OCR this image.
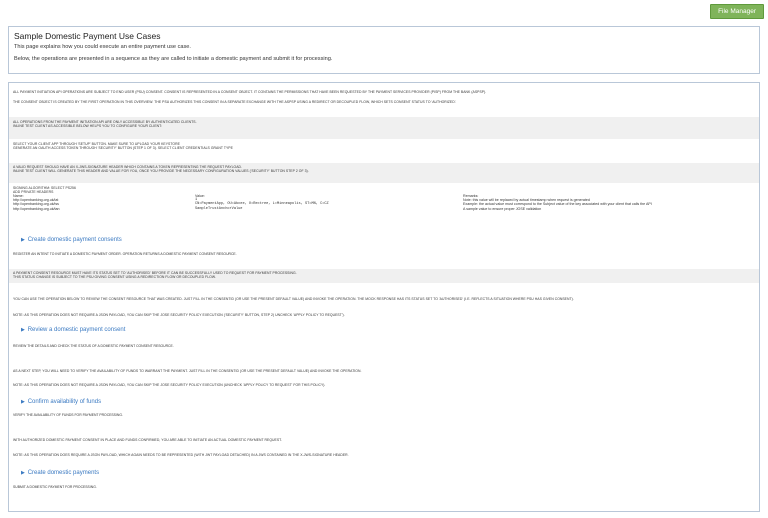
File Manager
Sample Domestic Payment Use Cases
This page explains how you could execute an entire payment use case.
Below, the operations are presented in a sequence as they are called to initiate a domestic payment and submit it for processing.

ALL PAYMENT INITIATION API OPERATIONS ARE SUBJECT TO END USER (PSU) CONSENT. CONSENT IS REPRESENTED IN A CONSENT OBJECT. IT CONTAINS THE PERMISSIONS THAT HAVE BEEN REQUESTED BY THE PAYMENT SERVICES PROVIDER (PISP) FROM THE BANK (ASPSP).

THE CONSENT OBJECT IS CREATED BY THE FIRST OPERATION IN THIS OVERVIEW. THE PSU AUTHORIZES THIS CONSENT IN A SEPARATE EXCHANGE WITH THE ASPSP USING A REDIRECT OR DECOUPLED FLOW, WHICH SETS CONSENT STATUS TO 'AUTHORIZED'.

ALL OPERATIONS FROM THE PAYMENT INITIATION API ARE ONLY ACCESSIBLE BY AUTHENTICATED CLIENTS.

INLINE TEST CLIENT AS ACCESSIBLE BELOW HELPS YOU TO CONFIGURE YOUR CLIENT:

SELECT YOUR CLIENT APP THROUGH 'SETUP' BUTTON. MAKE SURE TO UPLOAD YOUR KEYSTORE

GENERATE AN OAUTH ACCESS TOKEN THROUGH 'SECURITY' BUTTON (STEP 1 OF 3). SELECT CLIENT CREDENTIALS GRANT TYPE

A VALID REQUEST SHOULD HAVE AN X-JWS-SIGNATURE HEADER WHICH CONTAINS A TOKEN REPRESENTING THE REQUEST PAYLOAD.

INLINE TEST CLIENT WILL GENERATE THIS HEADER AND VALUE FOR YOU, ONCE YOU PROVIDE THE NECESSARY CONFIGURATION VALUES ('SECURITY' BUTTON STEP 2 OF 3).

SIGNING ALGORITHM: SELECT PS256

ADD PRIVATE HEADERS

Name:	Value:	Remarks:
http://openbanking.org.uk/iat	1	Note: this value will be replaced by actual timestamp when request is generated
http://openbanking.org.uk/iss	CN=PaymentApp, OU=Abcee, O=Rectree, L=Minneapolis, ST=MN, C=CZ	Example: the actual value must correspond to the Subject value of the key associated with your client that calls the API
http://openbanking.org.uk/tan	SampleTrustAnchorValue	A sample value to ensure proper JOSE validation
▶ Create domestic payment consents
REGISTER AN INTENT TO INITIATE A DOMESTIC PAYMENT ORDER. OPERATION RETURNS A DOMESTIC PAYMENT CONSENT RESOURCE.

A PAYMENT CONSENT RESOURCE MUST HAVE ITS STATUS SET TO 'AUTHORISED' BEFORE IT CAN BE SUCCESSFULLY USED TO REQUEST FOR PAYMENT PROCESSING.

THIS STATUS CHANGE IS SUBJECT TO THE PSU GIVING CONSENT USING A REDIRECTION FLOW OR DECOUPLED FLOW.

YOU CAN USE THE OPERATION BELOW TO REVIEW THE CONSENT RESOURCE THAT WAS CREATED. JUST FILL IN THE CONSENTID (OR USE THE PRESENT DEFAULT VALUE) AND INVOKE THE OPERATION. THE MOCK RESPONSE HAS ITS STATUS SET TO 'AUTHORISED' (I.E. REFLECTS A SITUATION WHERE PSU HAS GIVEN CONSENT).

NOTE: AS THIS OPERATION DOES NOT REQUIRE A JSON PAYLOAD, YOU CAN SKIP THE JOSE SECURITY POLICY EXECUTION ('SECURITY' BUTTON, STEP 2) UNCHECK 'APPLY POLICY TO REQUEST').

▶ Review a domestic payment consent
REVIEW THE DETAILS AND CHECK THE STATUS OF A DOMESTIC PAYMENT CONSENT RESOURCE.

AS A NEXT STEP, YOU WILL NEED TO VERIFY THE AVAILABILITY OF FUNDS TO WARRANT THE PAYMENT. JUST FILL IN THE CONSENTID (OR USE THE PRESENT DEFAULT VALUE) AND INVOKE THE OPERATION.

NOTE: AS THIS OPERATION DOES NOT REQUIRE A JSON PAYLOAD, YOU CAN SKIP THE JOSE SECURITY POLICY EXECUTION (UNCHECK 'APPLY POLICY TO REQUEST' FOR THIS POLICY).

▶ Confirm availability of funds
VERIFY THE AVAILABILITY OF FUNDS FOR PAYMENT PROCESSING.

WITH AUTHORIZED DOMESTIC PAYMENT CONSENT IN PLACE AND FUNDS CONFIRMED, YOU ARE ABLE TO INITIATE AN ACTUAL DOMESTIC PAYMENT REQUEST.

NOTE: AS THIS OPERATION DOES REQUIRE A JSON PAYLOAD, WHICH AGAIN NEEDS TO BE REPRESENTED (WITH JWT PAYLOAD DETACHED) IN A JWS CONTAINED IN THE X-JWS-SIGNATURE HEADER.

▶ Create domestic payments
SUBMIT A DOMESTIC PAYMENT FOR PROCESSING.
